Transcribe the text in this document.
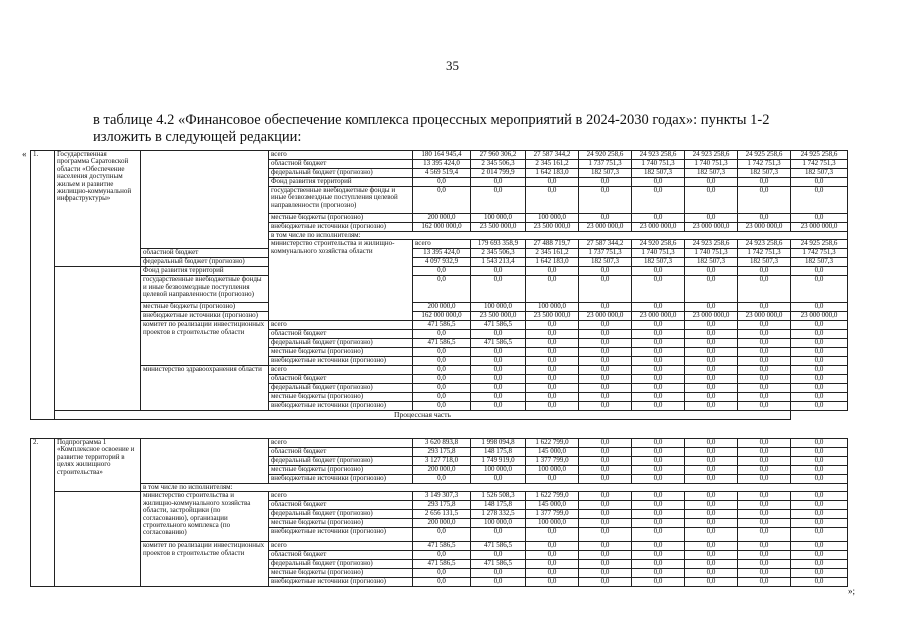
35
в таблице 4.2 «Финансовое обеспечение комплекса процессных мероприятий в 2024-2030 годах»: пункты 1-2 изложить в следующей редакции:
« 1.	Государственная программа Саратовской области «Обеспечение населения доступным жильем и развитие жилищно-коммунальной инфраструктуры»		всего	180 164 945,4	27 960 306,2	27 587 344,2	24 920 258,6	24 923 258,6	24 923 258,6	24 925 258,6	24 925 258,6	
			областной бюджет	13 395 424,0	2 345 506,3	2 345 161,2	1 737 751,3	1 740 751,3	1 740 751,3	1 742 751,3	1 742 751,3	
			федеральный бюджет (прогнозно)	4 569 519,4	2 014 799,9	1 642 183,0	182 507,3	182 507,3	182 507,3	182 507,3	182 507,3	
			Фонд развития территорий	0,0	0,0	0,0	0,0	0,0	0,0	0,0	0,0	
			государственные внебюджетные фонды и иные безвозмездные поступления целевой направленности (прогнозно)	0,0	0,0	0,0	0,0	0,0	0,0	0,0	0,0	
			местные бюджеты (прогнозно)	200 000,0	100 000,0	100 000,0	0,0	0,0	0,0	0,0	0,0	
			внебюджетные источники (прогнозно)	162 000 000,0	23 500 000,0	23 500 000,0	23 000 000,0	23 000 000,0	23 000 000,0	23 000 000,0	23 000 000,0	
			в том числе по исполнителям:									
			министерство строительства и жилищно-коммунального хозяйства области	всего	179 693 358,9	27 488 719,7	27 587 344,2	24 920 258,6	24 923 258,6	24 923 258,6	24 925 258,6	
		областной бюджет		13 395 424,0	2 345 506,3	2 345 161,2	1 737 751,3	1 740 751,3	1 740 751,3	1 742 751,3	1 742 751,3	
		федеральный бюджет (прогнозно)		4 097 932,9	1 543 213,4	1 642 183,0	182 507,3	182 507,3	182 507,3	182 507,3	182 507,3	
		Фонд развития территорий		0,0	0,0	0,0	0,0	0,0	0,0	0,0	0,0	
		государственные внебюджетные фонды и иные безвозмездные поступления целевой направленности (прогнозно)		0,0	0,0	0,0	0,0	0,0	0,0	0,0	0,0	
		местные бюджеты (прогнозно)		200 000,0	100 000,0	100 000,0	0,0	0,0	0,0	0,0	0,0	
		внебюджетные источники (прогнозно)		162 000 000,0	23 500 000,0	23 500 000,0	23 000 000,0	23 000 000,0	23 000 000,0	23 000 000,0	23 000 000,0	
		комитет по реализации инвестиционных проектов в строительстве области	всего	471 586,5	471 586,5	0,0	0,0	0,0	0,0	0,0	0,0	
			областной бюджет	0,0	0,0	0,0	0,0	0,0	0,0	0,0	0,0	
			федеральный бюджет (прогнозно)	471 586,5	471 586,5	0,0	0,0	0,0	0,0	0,0	0,0	
			местные бюджеты (прогнозно)	0,0	0,0	0,0	0,0	0,0	0,0	0,0	0,0	
			внебюджетные источники (прогнозно)	0,0	0,0	0,0	0,0	0,0	0,0	0,0	0,0	
		министерство здравоохранения области	всего	0,0	0,0	0,0	0,0	0,0	0,0	0,0	0,0	
			областной бюджет	0,0	0,0	0,0	0,0	0,0	0,0	0,0	0,0	
			федеральный бюджет (прогнозно)	0,0	0,0	0,0	0,0	0,0	0,0	0,0	0,0	
			местные бюджеты (прогнозно)	0,0	0,0	0,0	0,0	0,0	0,0	0,0	0,0	
			внебюджетные источники (прогнозно)	0,0	0,0	0,0	0,0	0,0	0,0	0,0	0,0	
	Процессная часть											
2.	Подпрограмма 1 «Комплексное освоение и развитие территорий в целях жилищного строительства»		всего	3 620 893,8	1 998 094,8	1 622 799,0	0,0	0,0	0,0	0,0	0,0
			областной бюджет	293 175,8	148 175,8	145 000,0	0,0	0,0	0,0	0,0	0,0
			федеральный бюджет (прогнозно)	3 127 718,0	1 749 919,0	1 377 799,0	0,0	0,0	0,0	0,0	0,0
			местные бюджеты (прогнозно)	200 000,0	100 000,0	100 000,0	0,0	0,0	0,0	0,0	0,0
			внебюджетные источники (прогнозно)	0,0	0,0	0,0	0,0	0,0	0,0	0,0	0,0
		в том числе по исполнителям:									
		министерство строительства и жилищно-коммунального хозяйства области, застройщики (по согласованию), организации строительного комплекса (по согласованию)	всего	3 149 307,3	1 526 508,3	1 622 799,0	0,0	0,0	0,0	0,0	0,0
			областной бюджет	293 175,8	148 175,8	145 000,0	0,0	0,0	0,0	0,0	0,0
			федеральный бюджет (прогнозно)	2 656 131,5	1 278 332,5	1 377 799,0	0,0	0,0	0,0	0,0	0,0
			местные бюджеты (прогнозно)	200 000,0	100 000,0	100 000,0	0,0	0,0	0,0	0,0	0,0
			внебюджетные источники (прогнозно)	0,0	0,0	0,0	0,0	0,0	0,0	0,0	0,0
		комитет по реализации инвестиционных проектов в строительстве области	всего	471 586,5	471 586,5	0,0	0,0	0,0	0,0	0,0	0,0
			областной бюджет	0,0	0,0	0,0	0,0	0,0	0,0	0,0	0,0
			федеральный бюджет (прогнозно)	471 586,5	471 586,5	0,0	0,0	0,0	0,0	0,0	0,0
			местные бюджеты (прогнозно)	0,0	0,0	0,0	0,0	0,0	0,0	0,0	0,0
			внебюджетные источники (прогнозно)	0,0	0,0	0,0	0,0	0,0	0,0	0,0	0,0
»;
